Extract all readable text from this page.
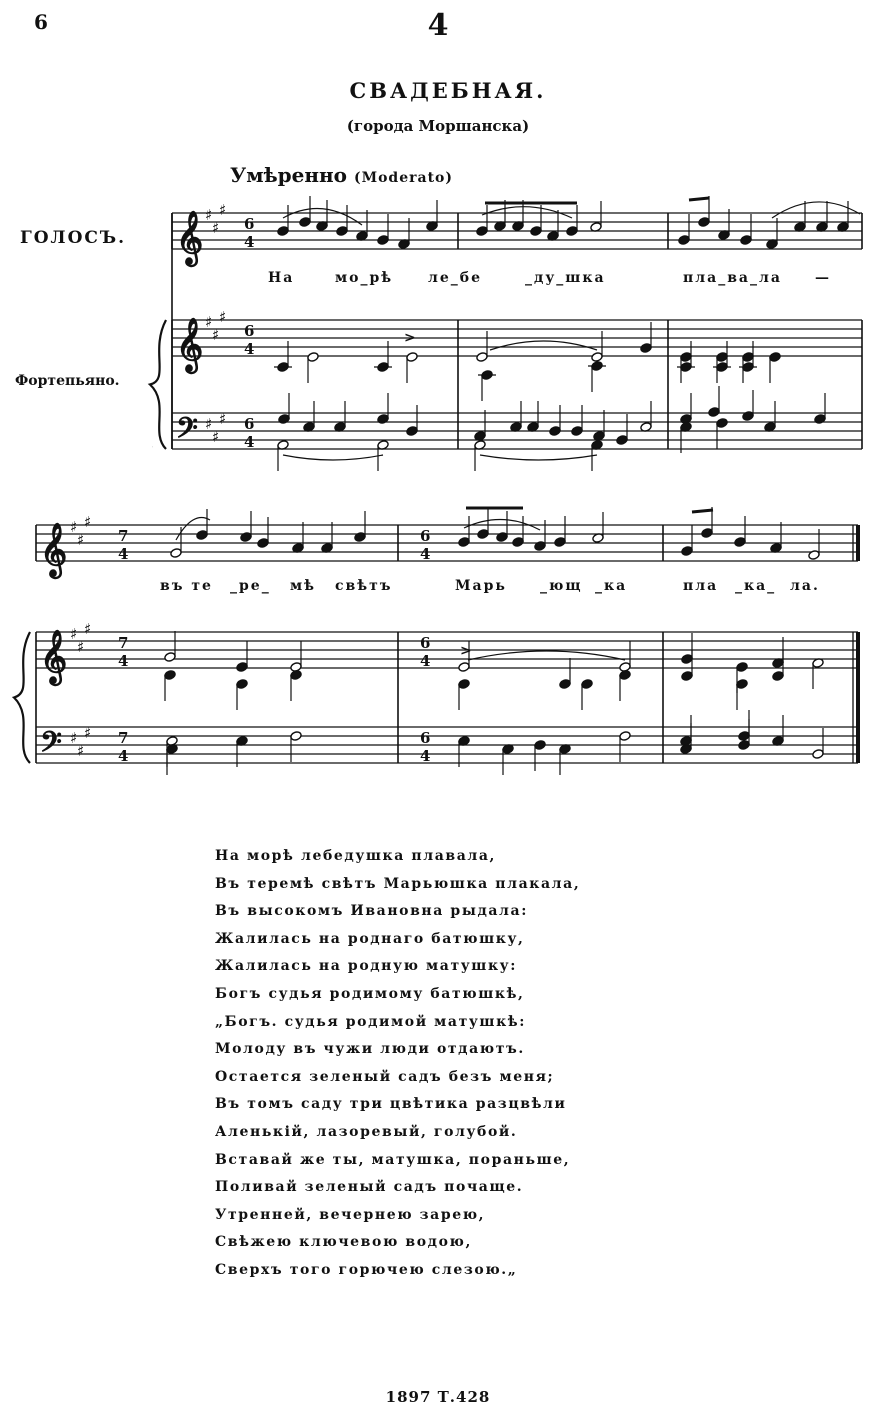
6	4
СВАДЕБНАЯ.
(города Моршанска)
Умѣренно (Moderato)
ГОЛОСЪ.
Фортепьяно.
На	мо_рѣ ле_бе	_ду_шка	пла_ва_ла —
въ те _ре_ мѣ свѣтъ	Марь _ющ _ка	пла _ка_ ла.
𝄞
𝄞
𝄢
}
♯
♯
♯
♯
♯
♯
♯
♯
♯
6
4
6
4
6
4
>
𝄞
𝄞
𝄢
♯
♯
♯
♯
♯
♯
♯
♯
♯
7
4
7
4
7
4
6
4
6
4
6
4
>
На морѣ лебедушка плавала,
Въ теремѣ свѣтъ Марьюшка плакала,
Въ высокомъ Ивановна рыдала:
Жалилась на роднаго батюшку,
Жалилась на родную матушку:
Богъ судья родимому батюшкѣ,
„Богъ. судья родимой матушкѣ:
Молоду въ чужи люди отдаютъ.
Остается зеленый садъ безъ меня;
Въ томъ саду три цвѣтика разцвѣли
Аленькій, лазоревый, голубой.
Вставай же ты, матушка, пораньше,
Поливай зеленый садъ почаще.
Утренней, вечернею зарею,
Свѣжею ключевою водою,
Сверхъ того горючею слезою.„
1897 Т.428
